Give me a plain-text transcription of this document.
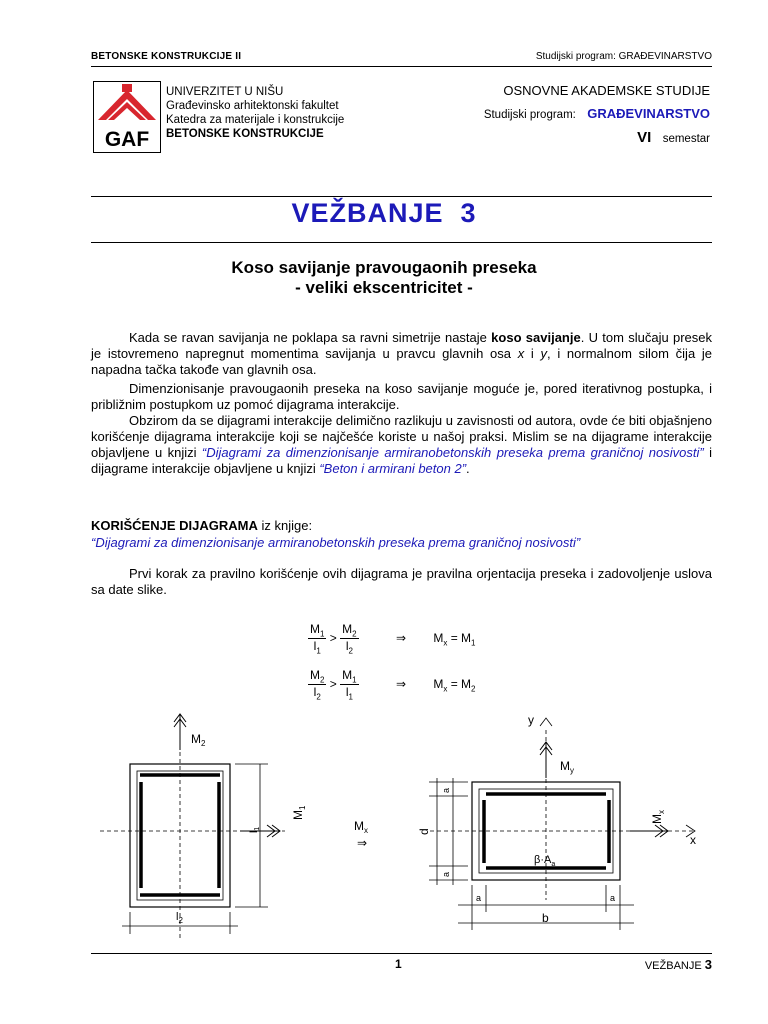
BETONSKE KONSTRUKCIJE II	Studijski program: GRAĐEVINARSTVO
GAF
UNIVERZITET U NIŠU
Građevinsko arhitektonski fakultet
Katedra za materijale i konstrukcije
BETONSKE KONSTRUKCIJE
OSNOVNE AKADEMSKE STUDIJE
Studijski program: GRAĐEVINARSTVO
VI semestar
VEŽBANJE  3
Koso savijanje pravougaonih preseka
- veliki ekscentricitet -
Kada se ravan savijanja ne poklapa sa ravni simetrije nastaje koso savijanje. U tom slučaju presek je istovremeno napregnut momentima savijanja u pravcu glavnih osa x i y, i normalnom silom čija je napadna tačka takođe van glavnih osa.
Dimenzionisanje pravougaonih preseka na koso savijanje moguće je, pored iterativnog postupka, i približnim postupkom uz pomoć dijagrama interakcije.
Obzirom da se dijagrami interakcije delimično razlikuju u zavisnosti od autora, ovde će biti objašnjeno korišćenje dijagrama interakcije koji se najčešće koriste u našoj praksi. Mislim se na dijagrame interakcije objavljene u knjizi “Dijagrami za dimenzionisanje armiranobetonskih preseka prema graničnoj nosivosti” i dijagrame interakcije objavljene u knjizi “Beton i armirani beton 2”.
KORIŠĆENJE DIJAGRAMA iz knjige:
“Dijagrami za dimenzionisanje armiranobetonskih preseka prema graničnoj nosivosti”
Prvi korak za pravilno korišćenje ovih dijagrama je pravilna orjentacija preseka i zadovoljenje uslova sa date slike.
$\frac{M_1}{l_1} > \frac{M_2}{l_2}$	⇒ $M_x = M_1$
$\frac{M_2}{l_2} > \frac{M_1}{l_1}$	⇒ $M_x = M_2$
$M_2$
$M_1$
$l_1$
$l_2$
$M_x$
⇒
y
x
$M_y$
$M_x$
d
a
a
a	a
$\beta\cdot A_a$
b
1	VEŽBANJE 3
